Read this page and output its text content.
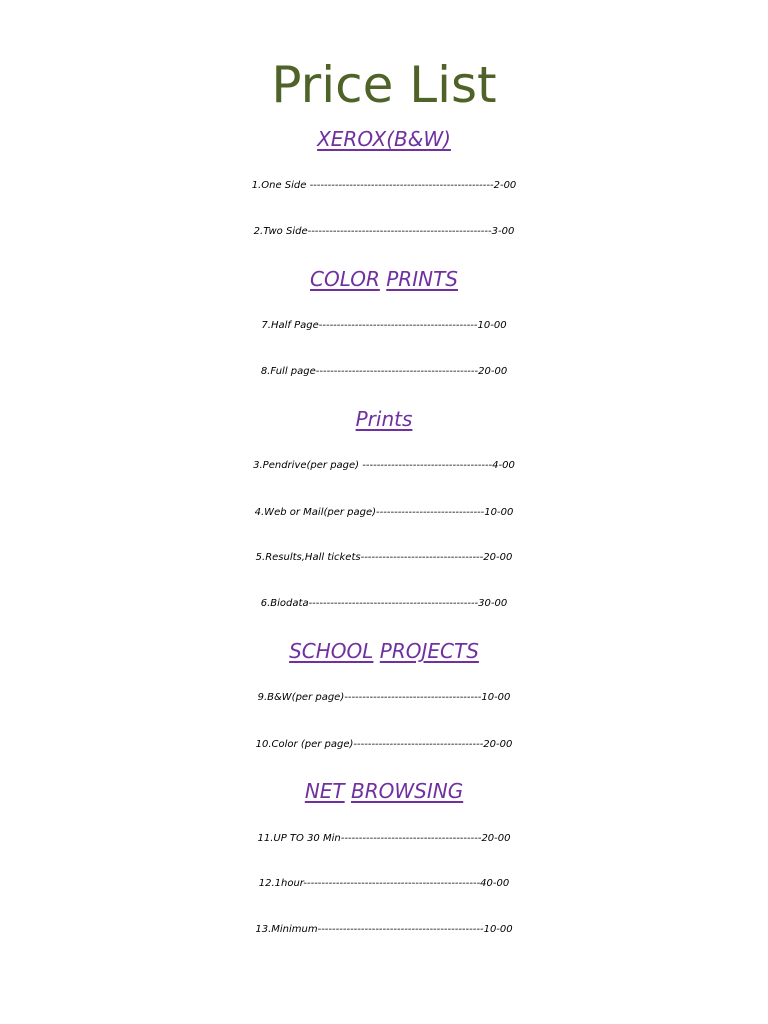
Price List
XEROX(B&W)
1.One Side ---------------------------------------------------2-00
2.Two Side---------------------------------------------------3-00
COLOR PRINTS
7.Half Page--------------------------------------------10-00
8.Full page---------------------------------------------20-00
Prints
3.Pendrive(per page) ------------------------------------4-00
4.Web or Mail(per page)------------------------------10-00
5.Results,Hall tickets----------------------------------20-00
6.Biodata-----------------------------------------------30-00
SCHOOL PROJECTS
9.B&W(per page)--------------------------------------10-00
10.Color (per page)------------------------------------20-00
NET BROWSING
11.UP TO 30 Min---------------------------------------20-00
12.1hour-------------------------------------------------40-00
13.Minimum----------------------------------------------10-00
